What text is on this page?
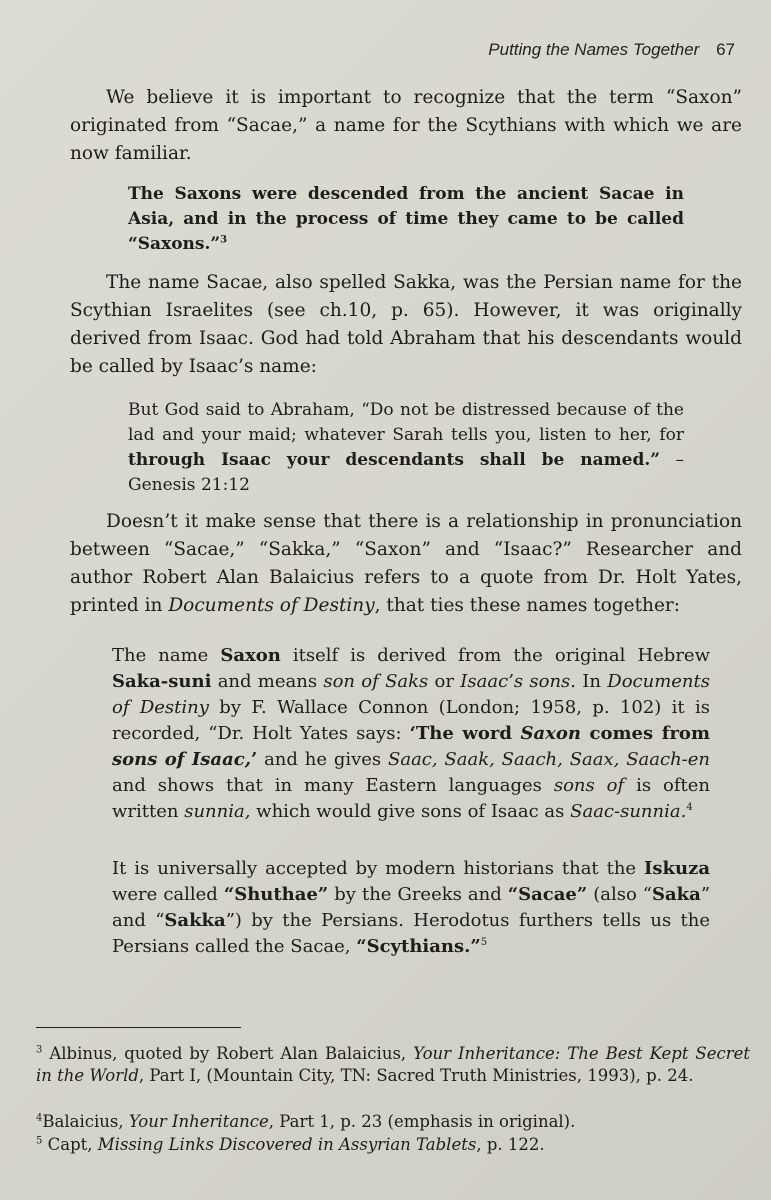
Putting the Names Together 67

We believe it is important to recognize that the term “Saxon” originated from “Sacae,” a name for the Scythians with which we are now familiar.

The Saxons were descended from the ancient Sacae in Asia, and in the process of time they came to be called “Saxons.”$^3$

The name Sacae, also spelled Sakka, was the Persian name for the Scythian Israelites (see ch.10, p. 65). However, it was originally derived from Isaac. God had told Abraham that his descendants would be called by Isaac’s name:

But God said to Abraham, “Do not be distressed because of the lad and your maid; whatever Sarah tells you, listen to her, for through Isaac your descendants shall be named.” – Genesis 21:12

Doesn’t it make sense that there is a relationship in pronunciation between “Sacae,” “Sakka,” “Saxon” and “Isaac?” Researcher and author Robert Alan Balaicius refers to a quote from Dr. Holt Yates, printed in Documents of Destiny, that ties these names together:

The name Saxon itself is derived from the original Hebrew Saka-suni and means son of Saks or Isaac’s sons. In Documents of Destiny by F. Wallace Connon (London; 1958, p. 102) it is recorded, “Dr. Holt Yates says: ‘The word Saxon comes from sons of Isaac,’ and he gives Saac, Saak, Saach, Saax, Saach-en and shows that in many Eastern languages sons of is often written sunnia, which would give sons of Isaac as Saac-sunnia.$^4$

It is universally accepted by modern historians that the Iskuza were called “Shuthae” by the Greeks and “Sacae” (also “Saka” and “Sakka”) by the Persians. Herodotus furthers tells us the Persians called the Sacae, “Scythians.”$^5$

$^3$ Albinus, quoted by Robert Alan Balaicius, Your Inheritance: The Best Kept Secret in the World, Part I, (Mountain City, TN: Sacred Truth Ministries, 1993), p. 24.

$^4$Balaicius, Your Inheritance, Part 1, p. 23 (emphasis in original).

$^5$ Capt, Missing Links Discovered in Assyrian Tablets, p. 122.
